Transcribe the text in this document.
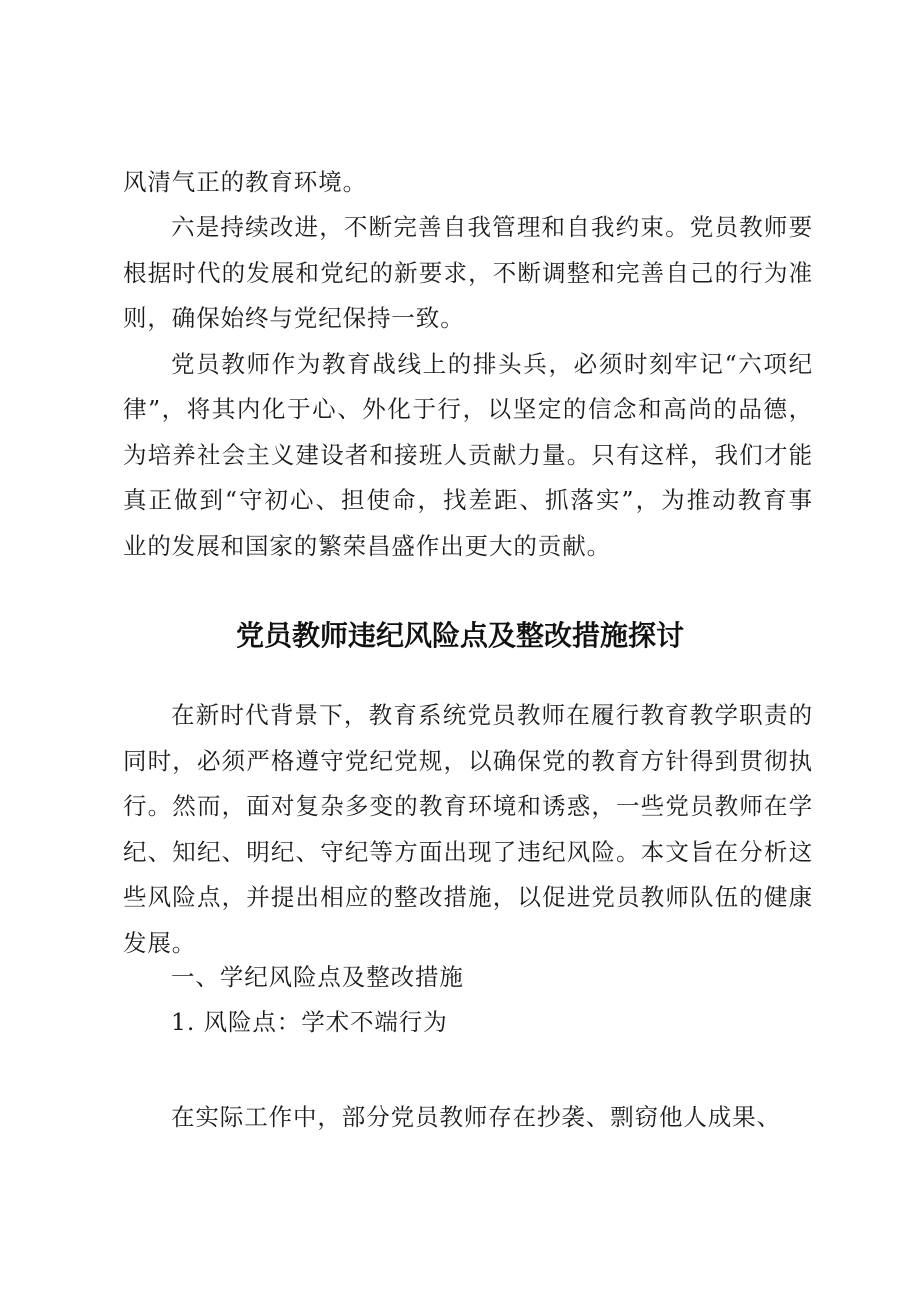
风清气正的教育环境。
六是持续改进，不断完善自我管理和自我约束。党员教师要
根据时代的发展和党纪的新要求，不断调整和完善自己的行为准
则，确保始终与党纪保持一致。
党员教师作为教育战线上的排头兵，必须时刻牢记“六项纪
律”，将其内化于心、外化于行，以坚定的信念和高尚的品德，
为培养社会主义建设者和接班人贡献力量。只有这样，我们才能
真正做到“守初心、担使命，找差距、抓落实”，为推动教育事
业的发展和国家的繁荣昌盛作出更大的贡献。
党员教师违纪风险点及整改措施探讨
在新时代背景下，教育系统党员教师在履行教育教学职责的
同时，必须严格遵守党纪党规，以确保党的教育方针得到贯彻执
行。然而，面对复杂多变的教育环境和诱惑，一些党员教师在学
纪、知纪、明纪、守纪等方面出现了违纪风险。本文旨在分析这
些风险点，并提出相应的整改措施，以促进党员教师队伍的健康
发展。
一、学纪风险点及整改措施
1. 风险点：学术不端行为
在实际工作中，部分党员教师存在抄袭、剽窃他人成果、
